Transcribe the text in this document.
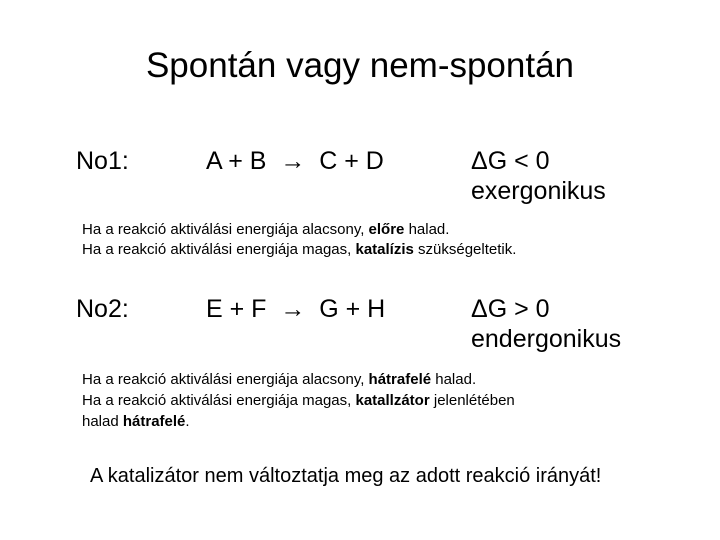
Spontán vagy nem-spontán
No1:	A + B  →  C + D	ΔG < 0
exergonikus
Ha a reakció aktiválási energiája alacsony, előre halad.
Ha a reakció aktiválási energiája magas, katalízis szükségeltetik.
No2:	E + F  →  G + H	ΔG > 0
endergonikus
Ha a reakció aktiválási energiája alacsony, hátrafelé halad.
Ha a reakció aktiválási energiája magas, katallzátor jelenlétében
halad hátrafelé.
A katalizátor nem változtatja meg az adott reakció irányát!
